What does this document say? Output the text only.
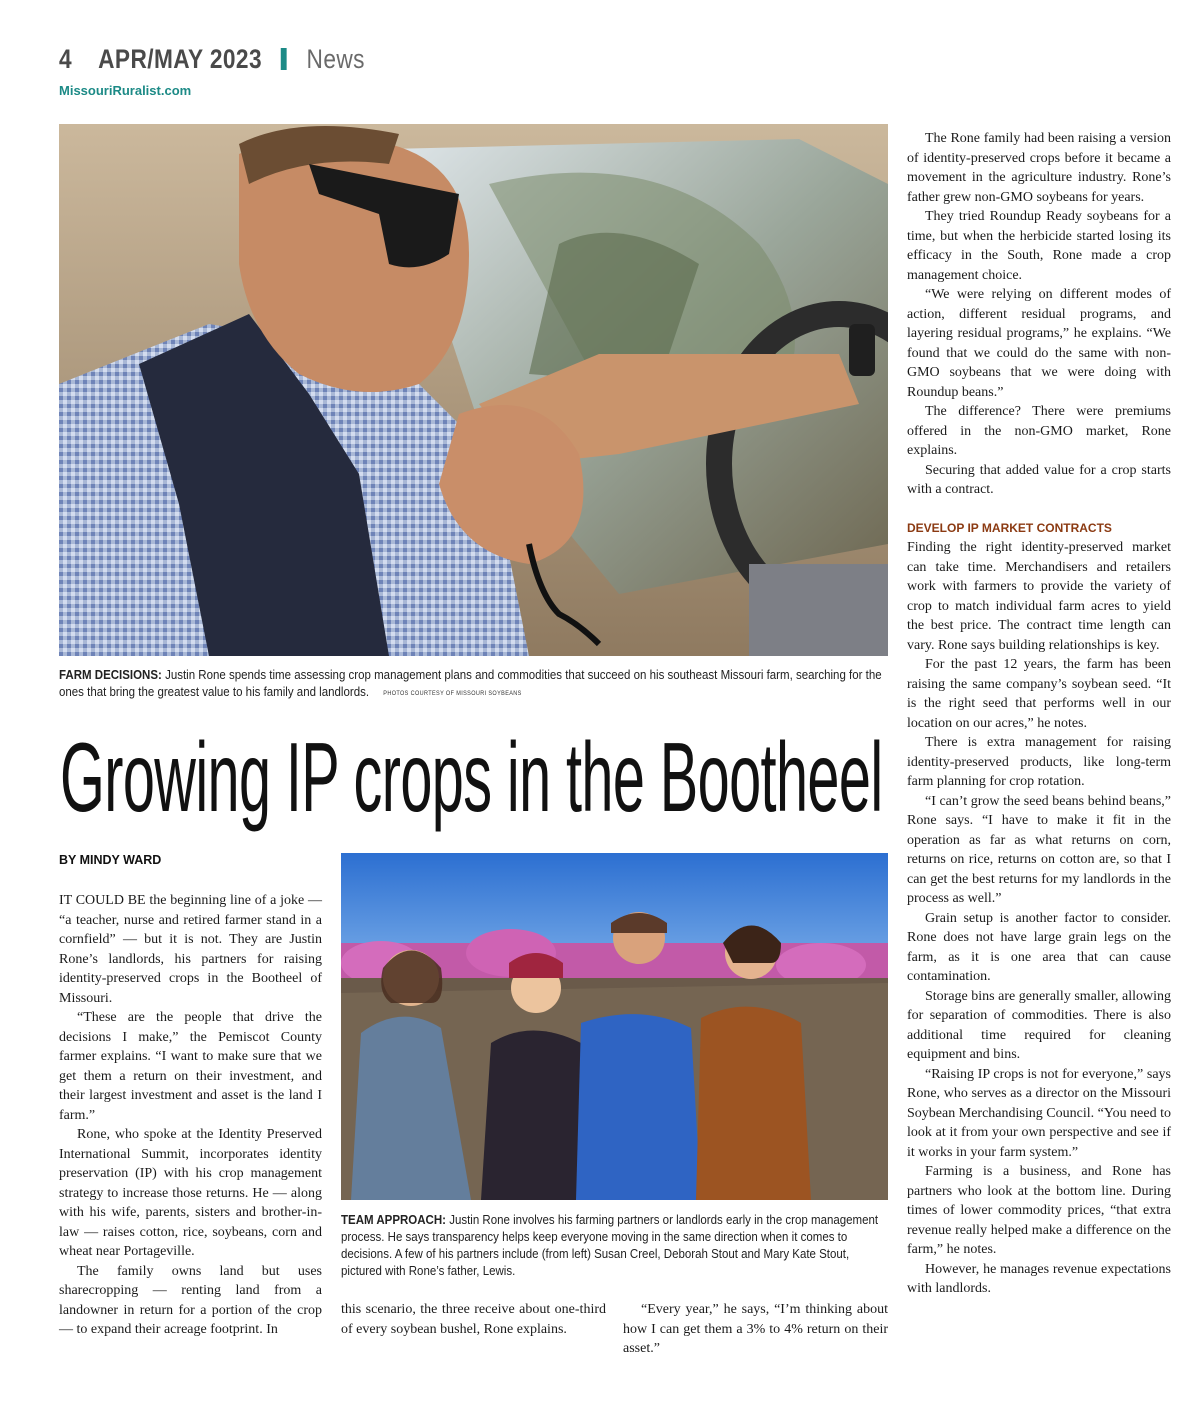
4 APR/MAY 2023 News
MissouriRuralist.com
FARM DECISIONS: Justin Rone spends time assessing crop management plans and commodities that succeed on his southeast Missouri farm, searching for the ones that bring the greatest value to his family and landlords. PHOTOS COURTESY OF MISSOURI SOYBEANS
Growing IP crops in the Bootheel
BY MINDY WARD

IT COULD BE the beginning line of a joke — “a teacher, nurse and retired farmer stand in a cornfield” — but it is not. They are Justin Rone’s landlords, his partners for raising identity-preserved crops in the Bootheel of Missouri.

“These are the people that drive the decisions I make,” the Pemiscot County farmer explains. “I want to make sure that we get them a return on their investment, and their largest investment and asset is the land I farm.”

Rone, who spoke at the Identity Preserved International Summit, incorporates identity preservation (IP) with his crop management strategy to increase those returns. He — along with his wife, parents, sisters and brother-in-law — raises cotton, rice, soybeans, corn and wheat near Portageville.

The family owns land but uses sharecropping — renting land from a landowner in return for a portion of the crop — to expand their acreage footprint. In

TEAM APPROACH: Justin Rone involves his farming partners or landlords early in the crop management process. He says transparency helps keep everyone moving in the same direction when it comes to decisions. A few of his partners include (from left) Susan Creel, Deborah Stout and Mary Kate Stout, pictured with Rone’s father, Lewis.

this scenario, the three receive about one-third of every soybean bushel, Rone explains.

“Every year,” he says, “I’m thinking about how I can get them a 3% to 4% return on their asset.”

The Rone family had been raising a version of identity-preserved crops before it became a movement in the agriculture industry. Rone’s father grew non-GMO soybeans for years.

They tried Roundup Ready soybeans for a time, but when the herbicide started losing its efficacy in the South, Rone made a crop management choice.

“We were relying on different modes of action, different residual programs, and layering residual programs,” he explains. “We found that we could do the same with non-GMO soybeans that we were doing with Roundup beans.”

The difference? There were premiums offered in the non-GMO market, Rone explains.

Securing that added value for a crop starts with a contract.

DEVELOP IP MARKET CONTRACTS

Finding the right identity-preserved market can take time. Merchandisers and retailers work with farmers to provide the variety of crop to match individual farm acres to yield the best price. The contract time length can vary. Rone says building relationships is key.

For the past 12 years, the farm has been raising the same company’s soybean seed. “It is the right seed that performs well in our location on our acres,” he notes.

There is extra management for raising identity-preserved products, like long-term farm planning for crop rotation.

“I can’t grow the seed beans behind beans,” Rone says. “I have to make it fit in the operation as far as what returns on corn, returns on rice, returns on cotton are, so that I can get the best returns for my landlords in the process as well.”

Grain setup is another factor to consider. Rone does not have large grain legs on the farm, as it is one area that can cause contamination.

Storage bins are generally smaller, allowing for separation of commodities. There is also additional time required for cleaning equipment and bins.

“Raising IP crops is not for everyone,” says Rone, who serves as a director on the Missouri Soybean Merchandising Council. “You need to look at it from your own perspective and see if it works in your farm system.”

Farming is a business, and Rone has partners who look at the bottom line. During times of lower commodity prices, “that extra revenue really helped make a difference on the farm,” he notes.

However, he manages revenue expectations with landlords.
